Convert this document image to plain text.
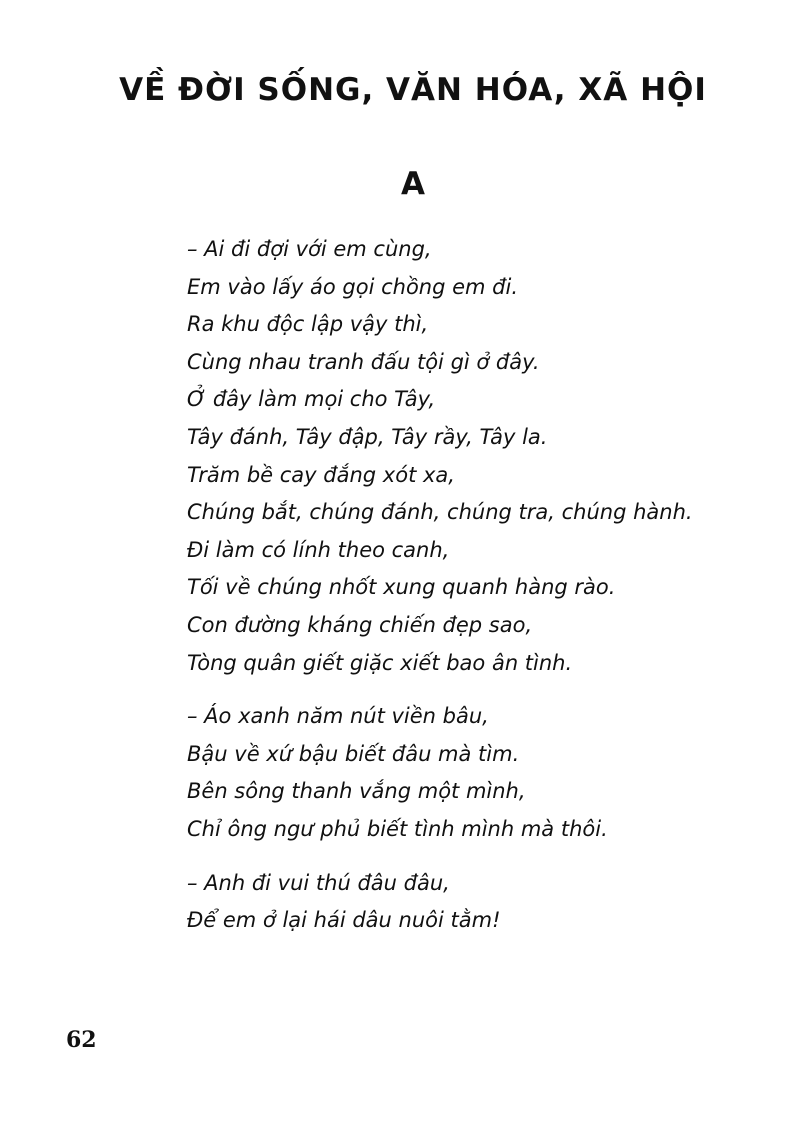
VỀ ĐỜI SỐNG, VĂN HÓA, XÃ HỘI
A
– Ai đi đợi với em cùng,
Em vào lấy áo gọi chồng em đi.
Ra khu độc lập vậy thì,
Cùng nhau tranh đấu tội gì ở đây.
Ở đây làm mọi cho Tây,
Tây đánh, Tây đập, Tây rầy, Tây la.
Trăm bề cay đắng xót xa,
Chúng bắt, chúng đánh, chúng tra, chúng hành.
Đi làm có lính theo canh,
Tối về chúng nhốt xung quanh hàng rào.
Con đường kháng chiến đẹp sao,
Tòng quân giết giặc xiết bao ân tình.
– Áo xanh năm nút viền bâu,
Bậu về xứ bậu biết đâu mà tìm.
Bên sông thanh vắng một mình,
Chỉ ông ngư phủ biết tình mình mà thôi.
– Anh đi vui thú đâu đâu,
Để em ở lại hái dâu nuôi tằm!
62
